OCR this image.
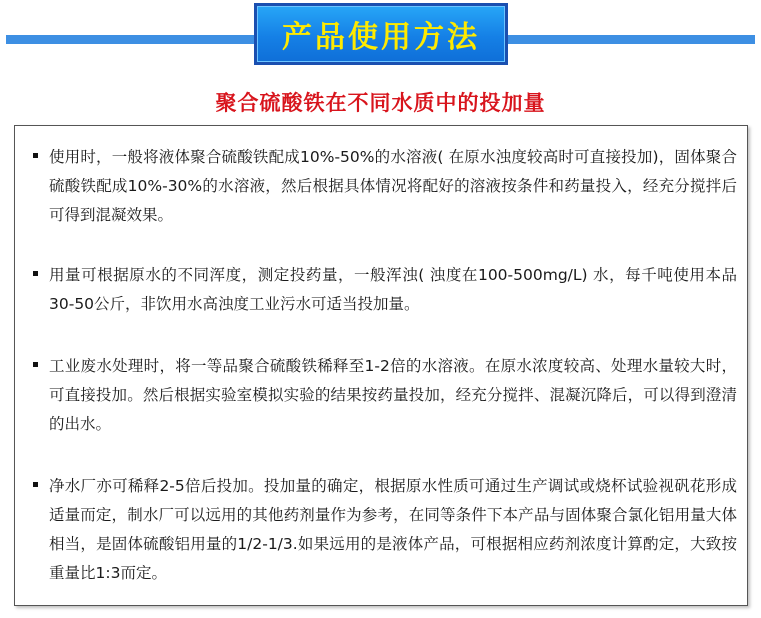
产品使用方法
聚合硫酸铁在不同水质中的投加量
使用时，一般将液体聚合硫酸铁配成10%-50%的水溶液( 在原水浊度较高时可直接投加)，固体聚合硫酸铁配成10%-30%的水溶液，然后根据具体情况将配好的溶液按条件和药量投入，经充分搅拌后可得到混凝效果。
用量可根据原水的不同浑度，测定投药量，一般浑浊( 浊度在100-500mg/L) 水，每千吨使用本品30-50公斤，非饮用水高浊度工业污水可适当投加量。
工业废水处理时，将一等品聚合硫酸铁稀释至1-2倍的水溶液。在原水浓度较高、处理水量较大时，可直接投加。然后根据实验室模拟实验的结果按药量投加，经充分搅拌、混凝沉降后，可以得到澄清的出水。
净水厂亦可稀释2-5倍后投加。投加量的确定，根据原水性质可通过生产调试或烧杯试验视矾花形成适量而定，制水厂可以远用的其他药剂量作为参考，在同等条件下本产品与固体聚合氯化铝用量大体相当，是固体硫酸铝用量的1/2-1/3.如果远用的是液体产品，可根据相应药剂浓度计算酌定，大致按重量比1:3而定。
